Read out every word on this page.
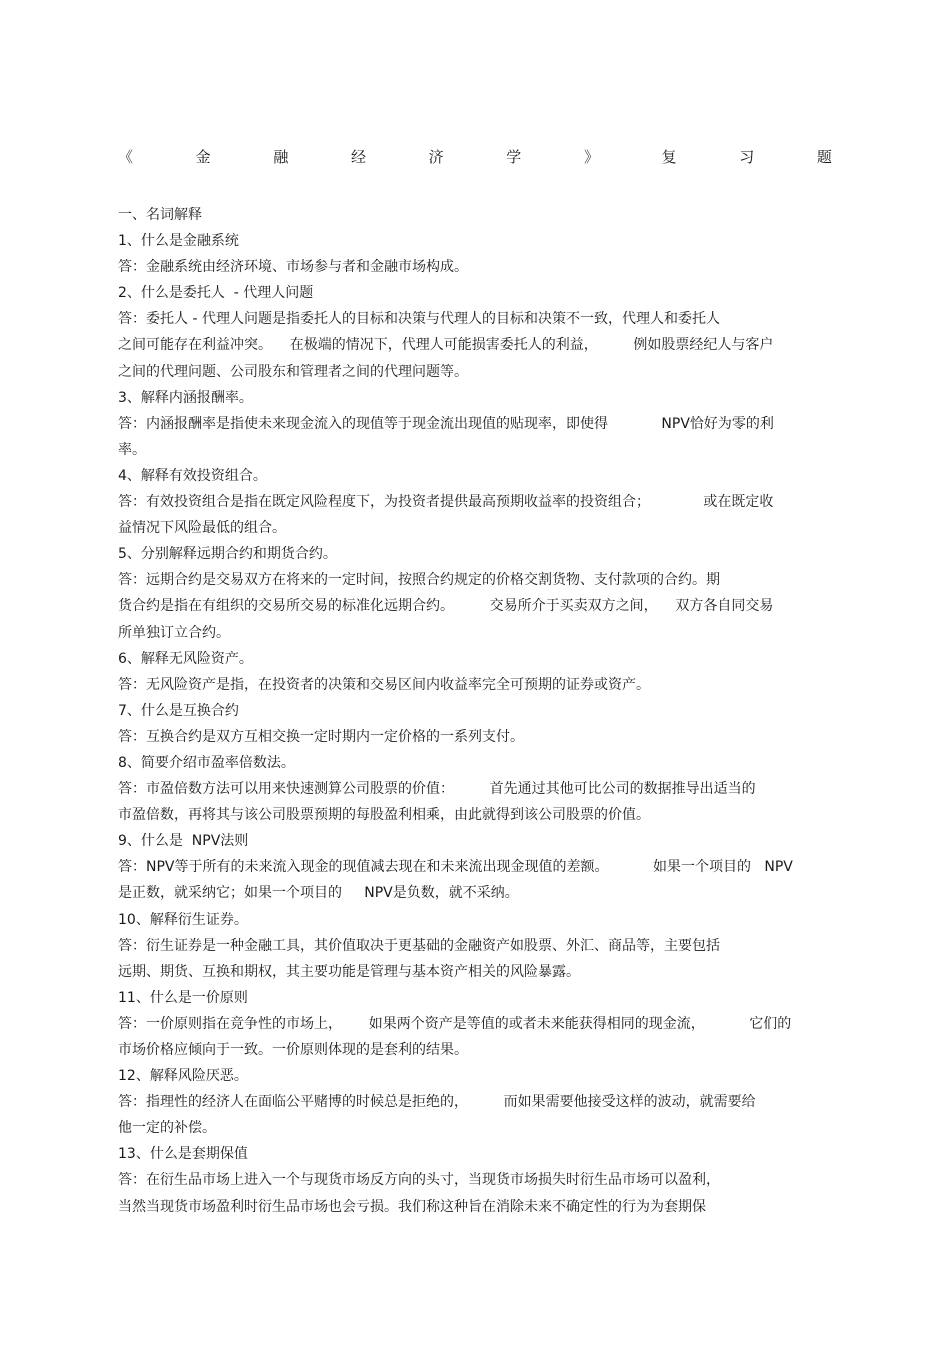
《	金	融	经	济	学	》	复	习	题
一、名词解释
1、什么是金融系统
答：金融系统由经济环境、市场参与者和金融市场构成。
2、什么是委托人  - 代理人问题
答：委托人 - 代理人问题是指委托人的目标和决策与代理人的目标和决策不一致，代理人和委托人
之间可能存在利益冲突。    在极端的情况下，代理人可能损害委托人的利益，        例如股票经纪人与客户
之间的代理问题、公司股东和管理者之间的代理问题等。
3、解释内涵报酬率。
答：内涵报酬率是指使未来现金流入的现值等于现金流出现值的贴现率，即使得            NPV恰好为零的利
率。
4、解释有效投资组合。
答：有效投资组合是指在既定风险程度下，为投资者提供最高预期收益率的投资组合；            或在既定收
益情况下风险最低的组合。
5、分别解释远期合约和期货合约。
答：远期合约是交易双方在将来的一定时间，按照合约规定的价格交割货物、支付款项的合约。期
货合约是指在有组织的交易所交易的标准化远期合约。        交易所介于买卖双方之间，    双方各自同交易
所单独订立合约。
6、解释无风险资产。
答：无风险资产是指，在投资者的决策和交易区间内收益率完全可预期的证券或资产。
7、什么是互换合约
答：互换合约是双方互相交换一定时期内一定价格的一系列支付。
8、简要介绍市盈率倍数法。
答：市盈倍数方法可以用来快速测算公司股票的价值：        首先通过其他可比公司的数据推导出适当的
市盈倍数，再将其与该公司股票预期的每股盈利相乘，由此就得到该公司股票的价值。
9、什么是  NPV法则
答：NPV等于所有的未来流入现金的现值减去现在和未来流出现金现值的差额。          如果一个项目的   NPV
是正数，就采纳它；如果一个项目的     NPV是负数，就不采纳。
10、解释衍生证券。
答：衍生证券是一种金融工具，其价值取决于更基础的金融资产如股票、外汇、商品等，主要包括
远期、期货、互换和期权，其主要功能是管理与基本资产相关的风险暴露。
11、什么是一价原则
答：一价原则指在竞争性的市场上，      如果两个资产是等值的或者未来能获得相同的现金流，          它们的
市场价格应倾向于一致。一价原则体现的是套利的结果。
12、解释风险厌恶。
答：指理性的经济人在面临公平赌博的时候总是拒绝的，        而如果需要他接受这样的波动，就需要给
他一定的补偿。
13、什么是套期保值
答：在衍生品市场上进入一个与现货市场反方向的头寸，当现货市场损失时衍生品市场可以盈利，
当然当现货市场盈利时衍生品市场也会亏损。我们称这种旨在消除未来不确定性的行为为套期保
